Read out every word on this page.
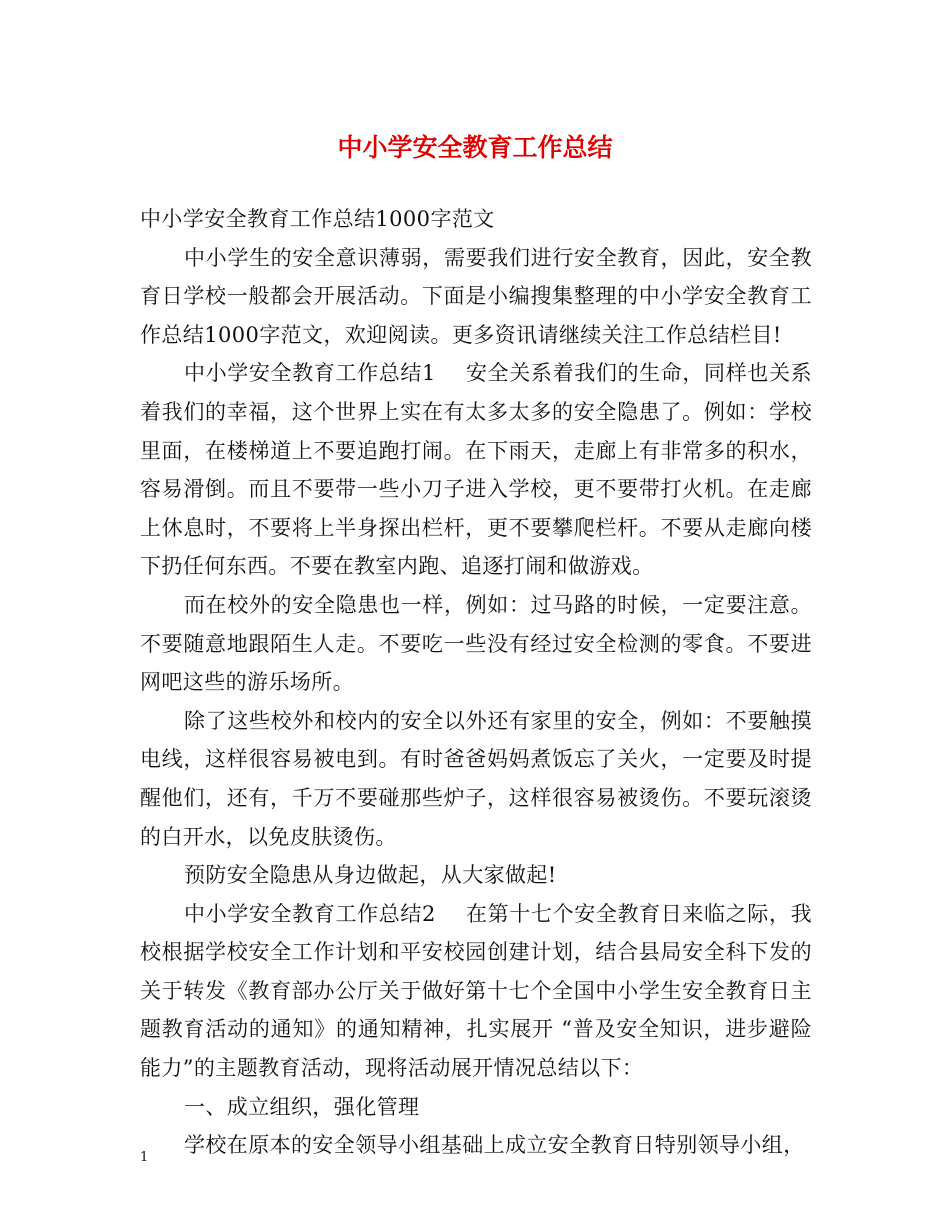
中小学安全教育工作总结

中小学安全教育工作总结1000字范文

中小学生的安全意识薄弱，需要我们进行安全教育，因此，安全教育日学校一般都会开展活动。下面是小编搜集整理的中小学安全教育工作总结1000字范文，欢迎阅读。更多资讯请继续关注工作总结栏目!

中小学安全教育工作总结1 安全关系着我们的生命，同样也关系着我们的幸福，这个世界上实在有太多太多的安全隐患了。例如：学校里面，在楼梯道上不要追跑打闹。在下雨天，走廊上有非常多的积水，容易滑倒。而且不要带一些小刀子进入学校，更不要带打火机。在走廊上休息时，不要将上半身探出栏杆，更不要攀爬栏杆。不要从走廊向楼下扔任何东西。不要在教室内跑、追逐打闹和做游戏。

而在校外的安全隐患也一样，例如：过马路的时候，一定要注意。不要随意地跟陌生人走。不要吃一些没有经过安全检测的零食。不要进网吧这些的游乐场所。

除了这些校外和校内的安全以外还有家里的安全，例如：不要触摸电线，这样很容易被电到。有时爸爸妈妈煮饭忘了关火，一定要及时提醒他们，还有，千万不要碰那些炉子，这样很容易被烫伤。不要玩滚烫的白开水，以免皮肤烫伤。

预防安全隐患从身边做起，从大家做起!

中小学安全教育工作总结2 在第十七个安全教育日来临之际，我校根据学校安全工作计划和平安校园创建计划，结合县局安全科下发的关于转发《教育部办公厅关于做好第十七个全国中小学生安全教育日主题教育活动的通知》的通知精神，扎实展开 “普及安全知识，进步避险能力”的主题教育活动，现将活动展开情况总结以下：

一、成立组织，强化管理

学校在原本的安全领导小组基础上成立安全教育日特别领导小组，

1
